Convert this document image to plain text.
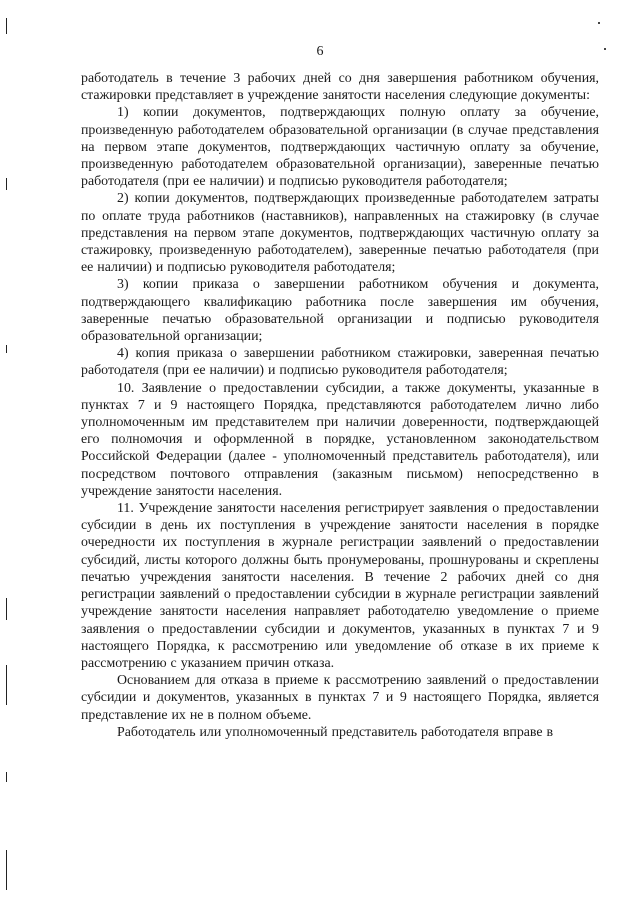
6

работодатель в течение 3 рабочих дней со дня завершения работником обучения, стажировки представляет в учреждение занятости населения следующие документы:

1) копии документов, подтверждающих полную оплату за обучение, произведенную работодателем образовательной организации (в случае представления на первом этапе документов, подтверждающих частичную оплату за обучение, произведенную работодателем образовательной организации), заверенные печатью работодателя (при ее наличии) и подписью руководителя работодателя;

2) копии документов, подтверждающих произведенные работодателем затраты по оплате труда работников (наставников), направленных на стажировку (в случае представления на первом этапе документов, подтверждающих частичную оплату за стажировку, произведенную работодателем), заверенные печатью работодателя (при ее наличии) и подписью руководителя работодателя;

3) копии приказа о завершении работником обучения и документа, подтверждающего квалификацию работника после завершения им обучения, заверенные печатью образовательной организации и подписью руководителя образовательной организации;

4) копия приказа о завершении работником стажировки, заверенная печатью работодателя (при ее наличии) и подписью руководителя работодателя;

10. Заявление о предоставлении субсидии, а также документы, указанные в пунктах 7 и 9 настоящего Порядка, представляются работодателем лично либо уполномоченным им представителем при наличии доверенности, подтверждающей его полномочия и оформленной в порядке, установленном законодательством Российской Федерации (далее - уполномоченный представитель работодателя), или посредством почтового отправления (заказным письмом) непосредственно в учреждение занятости населения.

11. Учреждение занятости населения регистрирует заявления о предоставлении субсидии в день их поступления в учреждение занятости населения в порядке очередности их поступления в журнале регистрации заявлений о предоставлении субсидий, листы которого должны быть пронумерованы, прошнурованы и скреплены печатью учреждения занятости населения. В течение 2 рабочих дней со дня регистрации заявлений о предоставлении субсидии в журнале регистрации заявлений учреждение занятости населения направляет работодателю уведомление о приеме заявления о предоставлении субсидии и документов, указанных в пунктах 7 и 9 настоящего Порядка, к рассмотрению или уведомление об отказе в их приеме к рассмотрению с указанием причин отказа.

Основанием для отказа в приеме к рассмотрению заявлений о предоставлении субсидии и документов, указанных в пунктах 7 и 9 настоящего Порядка, является представление их не в полном объеме.

Работодатель или уполномоченный представитель работодателя вправе в
